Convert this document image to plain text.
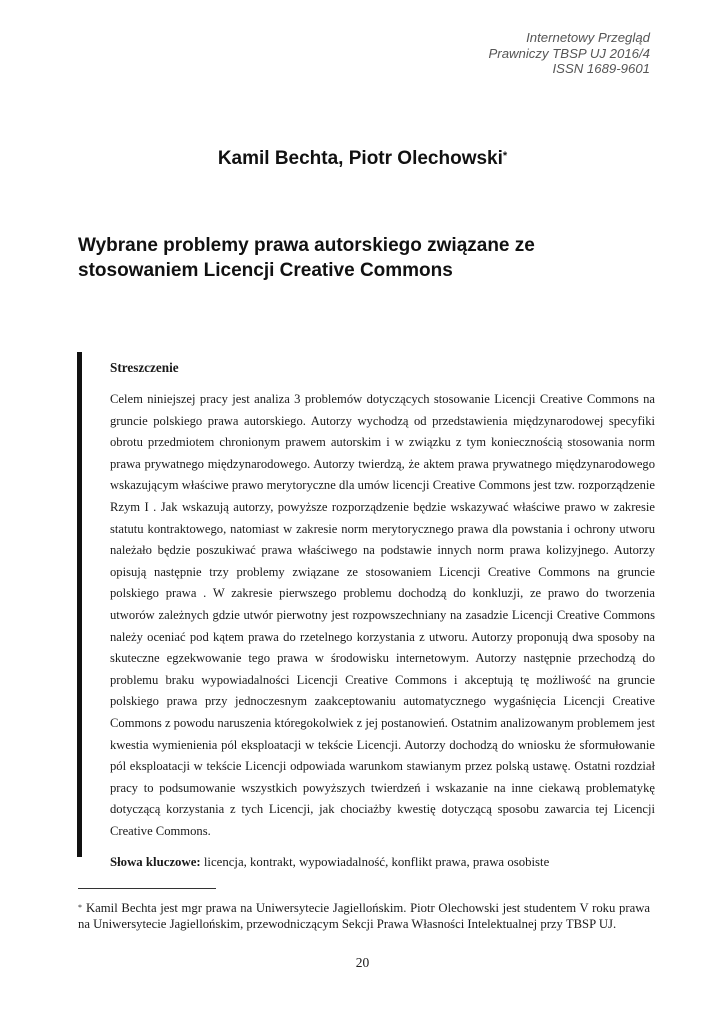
Internetowy Przegląd
Prawniczy TBSP UJ 2016/4
ISSN 1689-9601
Kamil Bechta, Piotr Olechowski*
Wybrane problemy prawa autorskiego związane ze stosowaniem Licencji Creative Commons
Streszczenie
Celem niniejszej pracy jest analiza 3 problemów dotyczących stosowanie Licencji Creative Commons na gruncie polskiego prawa autorskiego. Autorzy wychodzą od przedstawienia międzynarodowej specyfiki obrotu przedmiotem chronionym prawem autorskim i w związku z tym koniecznością stosowania norm prawa prywatnego międzynarodowego. Autorzy twierdzą, że aktem prawa prywatnego międzynarodowego wskazującym właściwe prawo merytoryczne dla umów licencji Creative Commons jest tzw. rozporządzenie Rzym I . Jak wskazują autorzy, powyższe rozporządzenie będzie wskazywać właściwe prawo w zakresie statutu kontraktowego, natomiast w zakresie norm merytorycznego prawa dla powstania i ochrony utworu należało będzie poszukiwać prawa właściwego na podstawie innych norm prawa kolizyjnego. Autorzy opisują następnie trzy problemy związane ze stosowaniem Licencji Creative Commons na gruncie polskiego prawa . W zakresie pierwszego problemu dochodzą do konkluzji, ze prawo do tworzenia utworów zależnych gdzie utwór pierwotny jest rozpowszechniany na zasadzie Licencji Creative Commons należy oceniać pod kątem prawa do rzetelnego korzystania z utworu. Autorzy proponują dwa sposoby na skuteczne egzekwowanie tego prawa w środowisku internetowym. Autorzy następnie przechodzą do problemu braku wypowiadalności Licencji Creative Commons i akceptują tę możliwość na gruncie polskiego prawa przy jednoczesnym zaakceptowaniu automatycznego wygaśnięcia Licencji Creative Commons z powodu naruszenia któregokolwiek z jej postanowień. Ostatnim analizowanym problemem jest kwestia wymienienia pól eksploatacji w tekście Licencji. Autorzy dochodzą do wniosku że sformułowanie pól eksploatacji w tekście Licencji odpowiada warunkom stawianym przez polską ustawę. Ostatni rozdział pracy to podsumowanie wszystkich powyższych twierdzeń i wskazanie na inne ciekawą problematykę dotyczącą korzystania z tych Licencji, jak chociażby kwestię dotyczącą sposobu zawarcia tej Licencji Creative Commons.
Słowa kluczowe: licencja, kontrakt, wypowiadalność, konflikt prawa, prawa osobiste
* Kamil Bechta jest mgr prawa na Uniwersytecie Jagiellońskim. Piotr Olechowski jest studentem V roku prawa na Uniwersytecie Jagiellońskim, przewodniczącym Sekcji Prawa Własności Intelektualnej przy TBSP UJ.
20
